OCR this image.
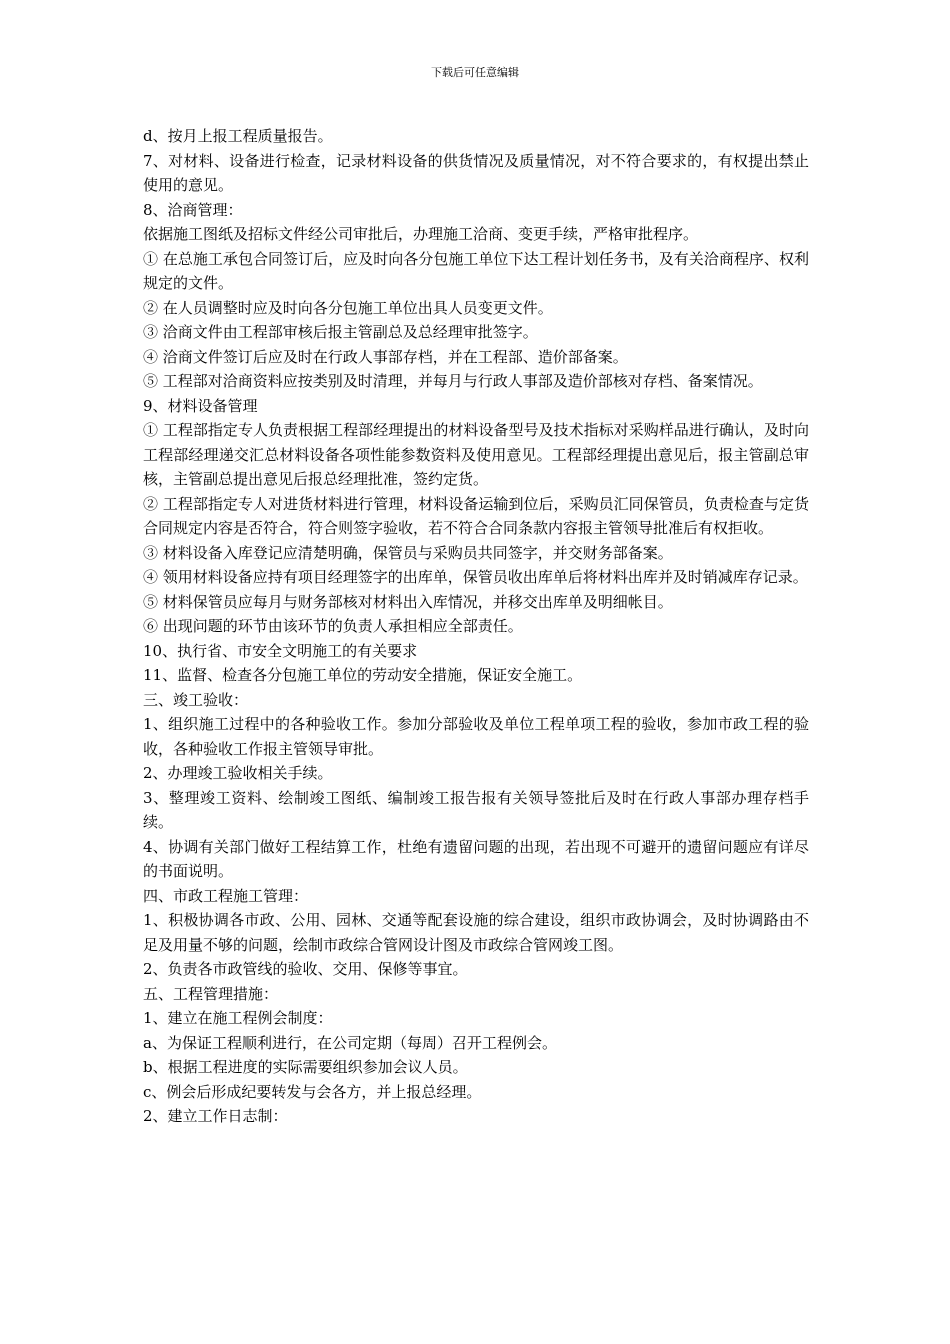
下载后可任意编辑

d、按月上报工程质量报告。

7、对材料、设备进行检查，记录材料设备的供货情况及质量情况，对不符合要求的，有权提出禁止使用的意见。

8、洽商管理：

依据施工图纸及招标文件经公司审批后，办理施工洽商、变更手续，严格审批程序。

① 在总施工承包合同签订后，应及时向各分包施工单位下达工程计划任务书，及有关洽商程序、权利规定的文件。

② 在人员调整时应及时向各分包施工单位出具人员变更文件。

③ 洽商文件由工程部审核后报主管副总及总经理审批签字。

④ 洽商文件签订后应及时在行政人事部存档，并在工程部、造价部备案。

⑤ 工程部对洽商资料应按类别及时清理，并每月与行政人事部及造价部核对存档、备案情况。

9、材料设备管理

① 工程部指定专人负责根据工程部经理提出的材料设备型号及技术指标对采购样品进行确认，及时向工程部经理递交汇总材料设备各项性能参数资料及使用意见。工程部经理提出意见后，报主管副总审核，主管副总提出意见后报总经理批准，签约定货。

② 工程部指定专人对进货材料进行管理，材料设备运输到位后，采购员汇同保管员，负责检查与定货合同规定内容是否符合，符合则签字验收，若不符合合同条款内容报主管领导批准后有权拒收。

③ 材料设备入库登记应清楚明确，保管员与采购员共同签字，并交财务部备案。

④ 领用材料设备应持有项目经理签字的出库单，保管员收出库单后将材料出库并及时销减库存记录。

⑤ 材料保管员应每月与财务部核对材料出入库情况，并移交出库单及明细帐目。

⑥ 出现问题的环节由该环节的负责人承担相应全部责任。

10、执行省、市安全文明施工的有关要求

11、监督、检查各分包施工单位的劳动安全措施，保证安全施工。

三、竣工验收：

1、组织施工过程中的各种验收工作。参加分部验收及单位工程单项工程的验收，参加市政工程的验收，各种验收工作报主管领导审批。

2、办理竣工验收相关手续。

3、整理竣工资料、绘制竣工图纸、编制竣工报告报有关领导签批后及时在行政人事部办理存档手续。

4、协调有关部门做好工程结算工作，杜绝有遗留问题的出现，若出现不可避开的遗留问题应有详尽的书面说明。

四、市政工程施工管理：

1、积极协调各市政、公用、园林、交通等配套设施的综合建设，组织市政协调会，及时协调路由不足及用量不够的问题，绘制市政综合管网设计图及市政综合管网竣工图。

2、负责各市政管线的验收、交用、保修等事宜。

五、工程管理措施：

1、建立在施工程例会制度：

a、为保证工程顺利进行，在公司定期（每周）召开工程例会。

b、根据工程进度的实际需要组织参加会议人员。

c、例会后形成纪要转发与会各方，并上报总经理。

2、建立工作日志制：
